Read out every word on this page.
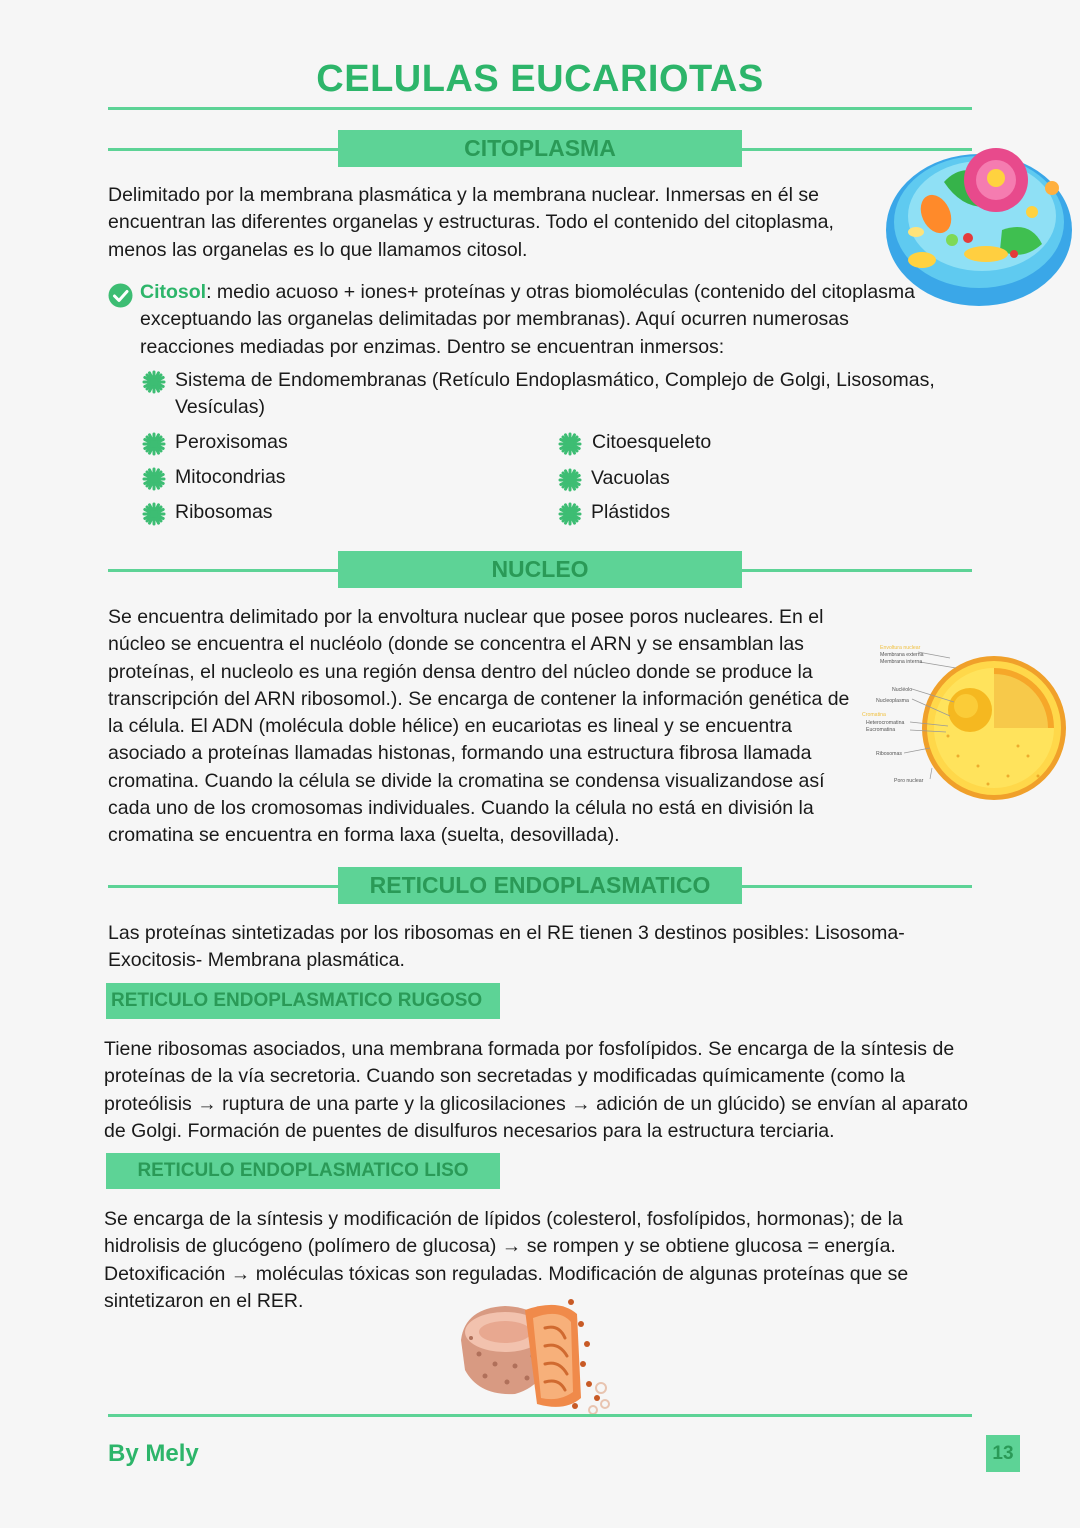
CELULAS EUCARIOTAS
CITOPLASMA
Delimitado por la membrana plasmática y la membrana nuclear. Inmersas en él se encuentran las diferentes organelas y estructuras. Todo el contenido del citoplasma, menos las organelas es lo que llamamos citosol.
Citosol: medio acuoso + iones+ proteínas y otras biomoléculas (contenido del citoplasma exceptuando las organelas delimitadas por membranas). Aquí ocurren numerosas reacciones mediadas por enzimas. Dentro se encuentran inmersos:
Sistema de Endomembranas (Retículo Endoplasmático, Complejo de Golgi, Lisosomas, Vesículas)
Peroxisomas
Mitocondrias
Ribosomas
Citoesqueleto
Vacuolas
Plástidos
NUCLEO
Se encuentra delimitado por la envoltura nuclear que posee poros nucleares. En el núcleo se encuentra el nucléolo (donde se concentra el ARN y se ensamblan las proteínas, el nucleolo es una región densa dentro del núcleo donde se produce la transcripción del ARN ribosomol.). Se encarga de contener la información genética de la célula. El ADN (molécula doble hélice) en eucariotas es lineal y se encuentra asociado a proteínas llamadas histonas, formando una estructura fibrosa llamada cromatina. Cuando la célula se divide la cromatina se condensa visualizandose así cada uno de los cromosomas individuales. Cuando la célula no está en división la cromatina se encuentra en forma laxa (suelta, desovillada).
Envoltura nuclear
Membrana externa
Membrana interna
Nucléolo
Nucleoplasma
Cromatina
Heterocromatina
Eucromatina
Ribosomas
Poro nuclear
RETICULO ENDOPLASMATICO
Las proteínas sintetizadas por los ribosomas en el RE tienen 3 destinos posibles: Lisosoma- Exocitosis- Membrana plasmática.
RETICULO ENDOPLASMATICO RUGOSO
Tiene ribosomas asociados, una membrana formada por fosfolípidos. Se encarga de la síntesis de proteínas de la vía secretoria. Cuando son secretadas y modificadas químicamente (como la proteólisis → ruptura de una parte y la glicosilaciones → adición de un glúcido) se envían al aparato de Golgi. Formación de puentes de disulfuros necesarios para la estructura terciaria.
RETICULO ENDOPLASMATICO LISO
Se encarga de la síntesis y modificación de lípidos (colesterol, fosfolípidos, hormonas); de la hidrolisis de glucógeno (polímero de glucosa) → se rompen y se obtiene glucosa = energía. Detoxificación → moléculas tóxicas son reguladas. Modificación de algunas proteínas que se sintetizaron en el RER.
By Mely	13
